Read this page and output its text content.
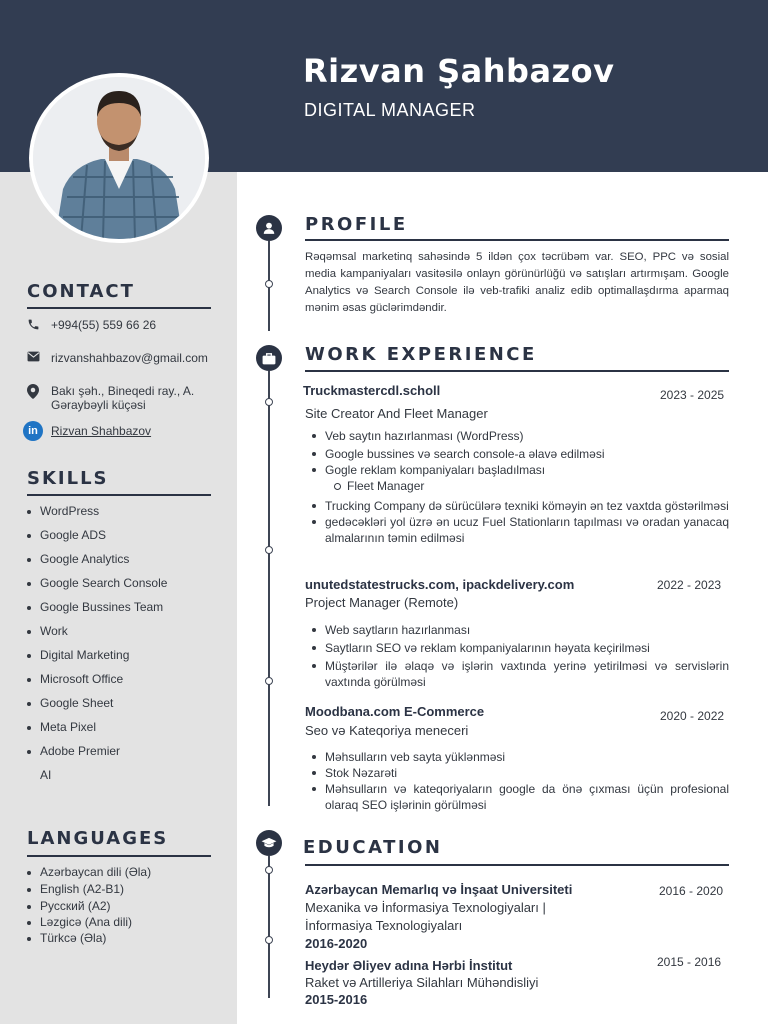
Rizvan Şahbazov
DIGITAL MANAGER
CONTACT
+994(55) 559 66 26
rizvanshahbazov@gmail.com
Bakı şəh., Bineqedi ray., A.
Gəraybəyli küçəsi
in	Rizvan Shahbazov
SKILLS
WordPress
Google ADS
Google Analytics
Google Search Console
Google Bussines Team
Work
Digital Marketing
Microsoft Office
Google Sheet
Meta Pixel
Adobe Premier
AI
LANGUAGES
Azərbaycan dili (Əla)
English (A2-B1)
Русский (A2)
Ləzgicə (Ana dili)
Türkcə (Əla)
PROFILE
Rəqəmsal marketinq sahəsində 5 ildən çox təcrübəm var. SEO, PPC və sosial media kampaniyaları vasitəsilə onlayn görünürlüğü və satışları artırmışam. Google Analytics və Search Console ilə veb-trafiki analiz edib optimallaşdırma aparmaq mənim əsas güclərimdəndir.
WORK EXPERIENCE
Truckmastercdl.scholl	2023 - 2025
Site Creator And Fleet Manager
Veb saytın hazırlanması (WordPress)
Google bussines və search console-a əlavə edilməsi
Gogle reklam kompaniyaları başladılması
Fleet Manager
Trucking Company də sürücülərə texniki köməyin ən tez vaxtda göstərilməsi
gedəcəkləri yol üzrə ən ucuz Fuel Stationların tapılması və oradan yanacaq almalarının təmin edilməsi
unutedstatestrucks.com, ipackdelivery.com	2022 - 2023
Project Manager (Remote)
Web saytların hazırlanması
Saytların SEO və reklam kompaniyalarının həyata keçirilməsi
Müştərilər ilə əlaqə və işlərin vaxtında yerinə yetirilməsi və servislərin vaxtında görülməsi
Moodbana.com E-Commerce	2020 - 2022
Seo və Kateqoriya meneceri
Məhsulların veb sayta yüklənməsi
Stok Nəzarəti
Məhsulların və kateqoriyaların google da önə çıxması üçün profesional olaraq SEO işlərinin görülməsi
EDUCATION
Azərbaycan Memarlıq və İnşaat Universiteti	2016 - 2020
Mexanika və İnformasiya Texnologiyaları |
İnformasiya Texnologiyaları
2016-2020
Heydər Əliyev adına Hərbi İnstitut	2015 - 2016
Raket və Artilleriya Silahları Mühəndisliyi
2015-2016
